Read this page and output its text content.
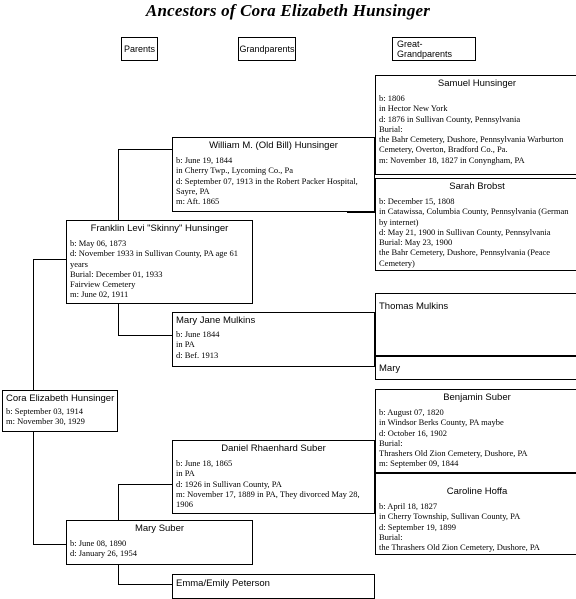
Ancestors of Cora Elizabeth Hunsinger
Parents	Grandparents	Great-Grandparents
Cora Elizabeth Hunsinger
b: September 03, 1914
m: November 30, 1929
Franklin Levi "Skinny" Hunsinger
b: May 06, 1873
d: November 1933 in Sullivan County, PA age 61 years
Burial: December 01, 1933
Fairview Cemetery
m: June 02, 1911
Mary Suber
b: June 08, 1890
d: January 26, 1954
William M. (Old Bill) Hunsinger
b: June 19, 1844
in Cherry Twp., Lycoming Co., Pa
d: September 07, 1913 in the Robert Packer Hospital, Sayre, PA
m: Aft. 1865
Mary Jane Mulkins
b: June 1844
in PA
d: Bef. 1913
Daniel Rhaenhard Suber
b: June 18, 1865
in PA
d: 1926 in Sullivan County, PA
m: November 17, 1889 in PA, They divorced May 28, 1906
Emma/Emily Peterson
Samuel Hunsinger
b: 1806
in Hector New York
d: 1876 in Sullivan County, Pennsylvania
Burial:
the Bahr Cemetery, Dushore, Pennsylvania Warburton Cemetery, Overton, Bradford Co., Pa.
m: November 18, 1827 in Conyngham, PA
Sarah Brobst
b: December 15, 1808
in Catawissa, Columbia County, Pennsylvania (German by internet)
d: May 21, 1900 in Sullivan County, Pennsylvania
Burial: May 23, 1900
the Bahr Cemetery, Dushore, Pennsylvania (Peace Cemetery)
Thomas Mulkins
Mary
Benjamin Suber
b: August 07, 1820
in Windsor Berks County, PA maybe
d: October 16, 1902
Burial:
Thrashers Old Zion Cemetery, Dushore, PA
m: September 09, 1844
Caroline Hoffa
b: April 18, 1827
in Cherry Township, Sullivan County, PA
d: September 19, 1899
Burial:
the Thrashers Old Zion Cemetery, Dushore, PA
